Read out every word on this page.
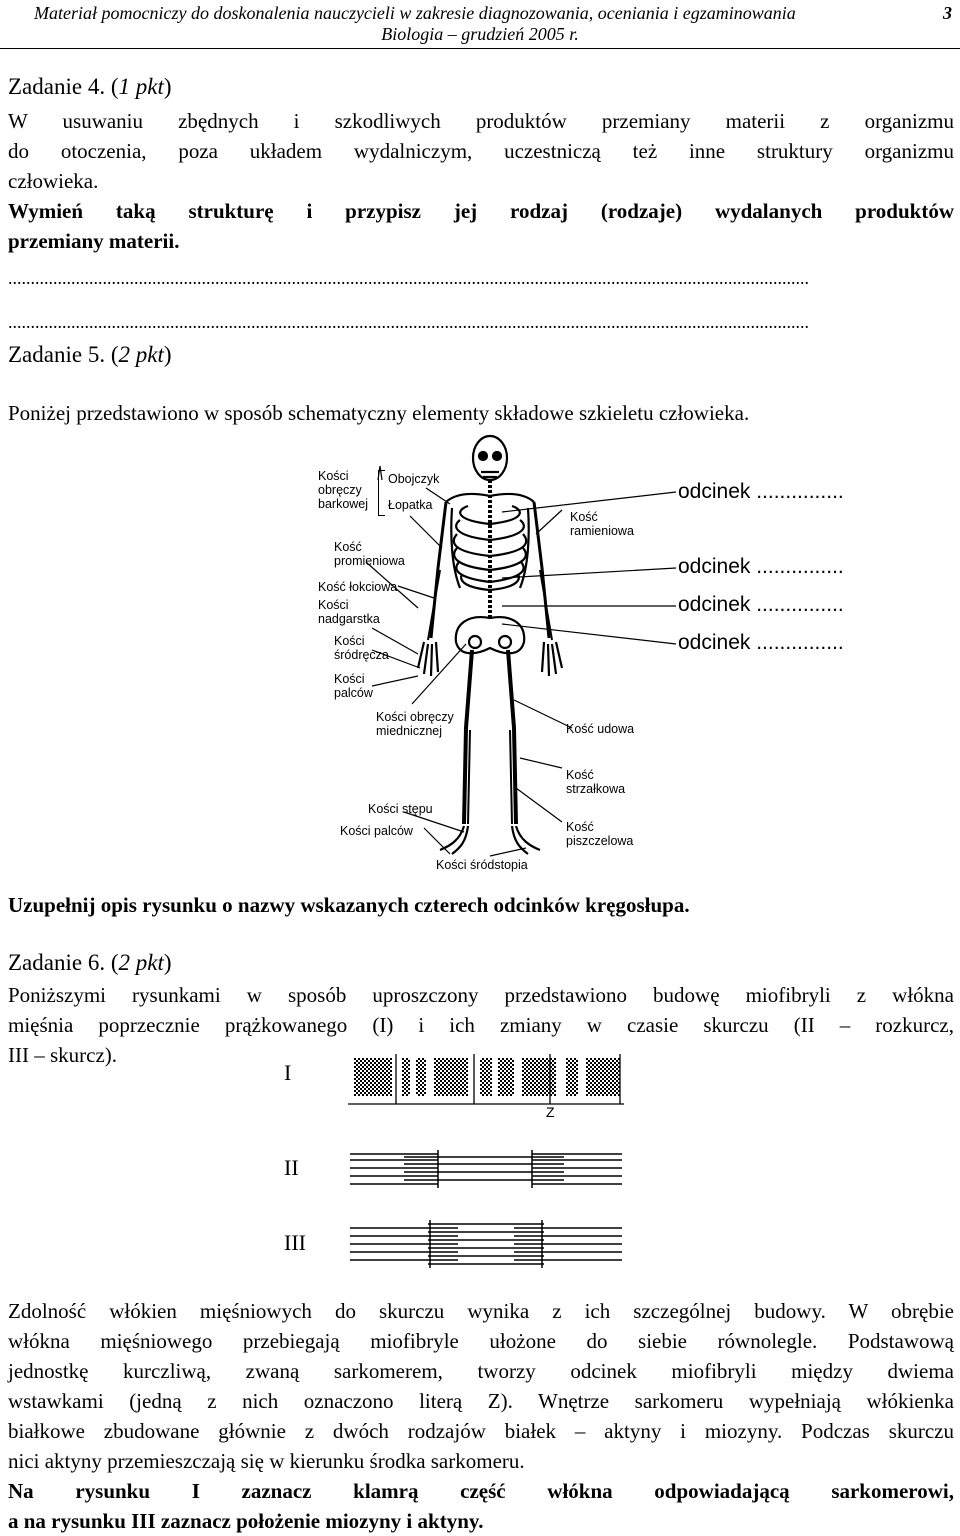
Materiał pomocniczy do doskonalenia nauczycieli w zakresie diagnozowania, oceniania i egzaminowania	3
Biologia – grudzień 2005 r.
Zadanie 4. (1 pkt)
W usuwaniu zbędnych i szkodliwych produktów przemiany materii z organizmu
do otoczenia, poza układem wydalniczym, uczestniczą też inne struktury organizmu
człowieka.
Wymień taką strukturę i przypisz jej rodzaj (rodzaje) wydalanych produktów
przemiany materii.
..................................................................................................................................................................................
..................................................................................................................................................................................
Zadanie 5. (2 pkt)
Poniżej przedstawiono w sposób schematyczny elementy składowe szkieletu człowieka.
Kości
obręczy
barkowej
Obojczyk
Łopatka
Kość
ramieniowa
Kość
promieniowa
Kość łokciowa
Kości
nadgarstka
Kości
śródręcza
Kości
palców
Kości obręczy
miednicznej	Kość udowa
Kość
strzałkowa
Kości stępu
Kości palców	Kość
piszczelowa
Kości śródstopia
odcinek ...............
odcinek ...............
odcinek ...............
odcinek ...............
Uzupełnij opis rysunku o nazwy wskazanych czterech odcinków kręgosłupa.
Zadanie 6. (2 pkt)
Poniższymi rysunkami w sposób uproszczony przedstawiono budowę miofibryli z włókna
mięśnia poprzecznie prążkowanego (I) i ich zmiany w czasie skurczu (II – rozkurcz,
III – skurcz).
I
II
III
Z
Zdolność włókien mięśniowych do skurczu wynika z ich szczególnej budowy. W obrębie
włókna mięśniowego przebiegają miofibryle ułożone do siebie równolegle. Podstawową
jednostkę kurczliwą, zwaną sarkomerem, tworzy odcinek miofibryli między dwiema
wstawkami (jedną z nich oznaczono literą Z). Wnętrze sarkomeru wypełniają włókienka
białkowe zbudowane głównie z dwóch rodzajów białek – aktyny i miozyny. Podczas skurczu
nici aktyny przemieszczają się w kierunku środka sarkomeru.
Na rysunku I zaznacz klamrą część włókna odpowiadającą sarkomerowi,
a na rysunku III zaznacz położenie miozyny i aktyny.
